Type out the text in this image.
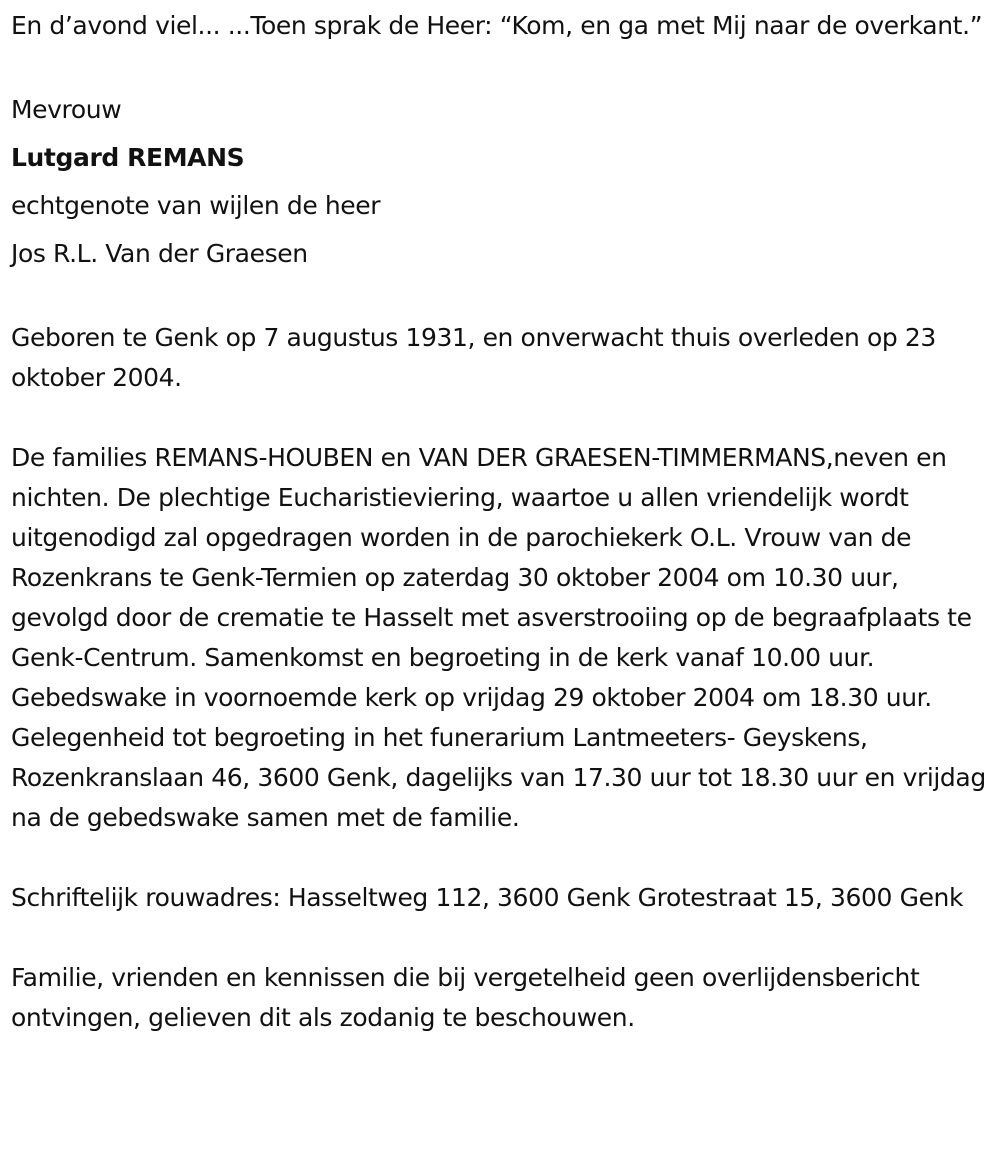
En d’avond viel... ...Toen sprak de Heer: “Kom, en ga met Mij naar de overkant.”

Mevrouw

Lutgard REMANS

echtgenote van wijlen de heer

Jos R.L. Van der Graesen

Geboren te Genk op 7 augustus 1931, en onverwacht thuis overleden op 23 oktober 2004.

De families REMANS-HOUBEN en VAN DER GRAESEN-TIMMERMANS,neven en nichten. De plechtige Eucharistieviering, waartoe u allen vriendelijk wordt uitgenodigd zal opgedragen worden in de parochiekerk O.L. Vrouw van de Rozenkrans te Genk-Termien op zaterdag 30 oktober 2004 om 10.30 uur, gevolgd door de crematie te Hasselt met asverstrooiing op de begraafplaats te Genk-Centrum. Samenkomst en begroeting in de kerk vanaf 10.00 uur. Gebedswake in voornoemde kerk op vrijdag 29 oktober 2004 om 18.30 uur. Gelegenheid tot begroeting in het funerarium Lantmeeters- Geyskens, Rozenkranslaan 46, 3600 Genk, dagelijks van 17.30 uur tot 18.30 uur en vrijdag na de gebedswake samen met de familie.

Schriftelijk rouwadres: Hasseltweg 112, 3600 Genk Grotestraat 15, 3600 Genk

Familie, vrienden en kennissen die bij vergetelheid geen overlijdensbericht ontvingen, gelieven dit als zodanig te beschouwen.
